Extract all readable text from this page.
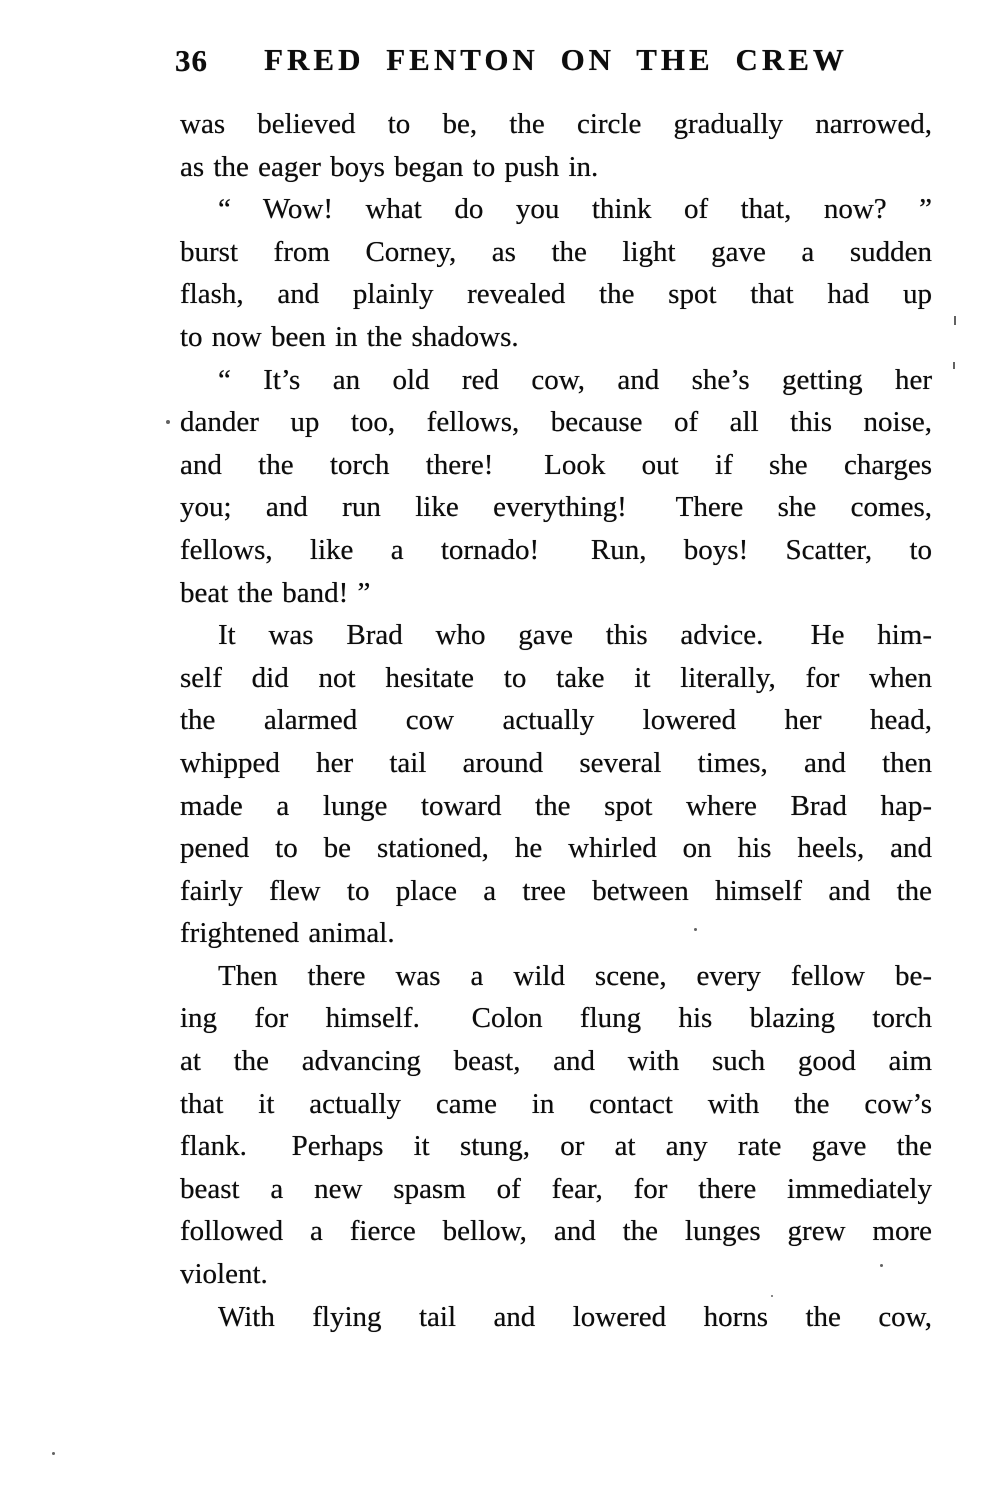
36	FRED FENTON ON THE CREW
was believed to be, the circle gradually narrowed,
as the eager boys began to push in.
“ Wow! what do you think of that, now? ”
burst from Corney, as the light gave a sudden
flash, and plainly revealed the spot that had up
to now been in the shadows.
“ It’s an old red cow, and she’s getting her
dander up too, fellows, because of all this noise,
and the torch there!  Look out if she charges
you; and run like everything!  There she comes,
fellows, like a tornado!  Run, boys! Scatter, to
beat the band! ”
It was Brad who gave this advice.  He him-
self did not hesitate to take it literally, for when
the alarmed cow actually lowered her head,
whipped her tail around several times, and then
made a lunge toward the spot where Brad hap-
pened to be stationed, he whirled on his heels, and
fairly flew to place a tree between himself and the
frightened animal.
Then there was a wild scene, every fellow be-
ing for himself.  Colon flung his blazing torch
at the advancing beast, and with such good aim
that it actually came in contact with the cow’s
flank.  Perhaps it stung, or at any rate gave the
beast a new spasm of fear, for there immediately
followed a fierce bellow, and the lunges grew more
violent.
With flying tail and lowered horns the cow,
